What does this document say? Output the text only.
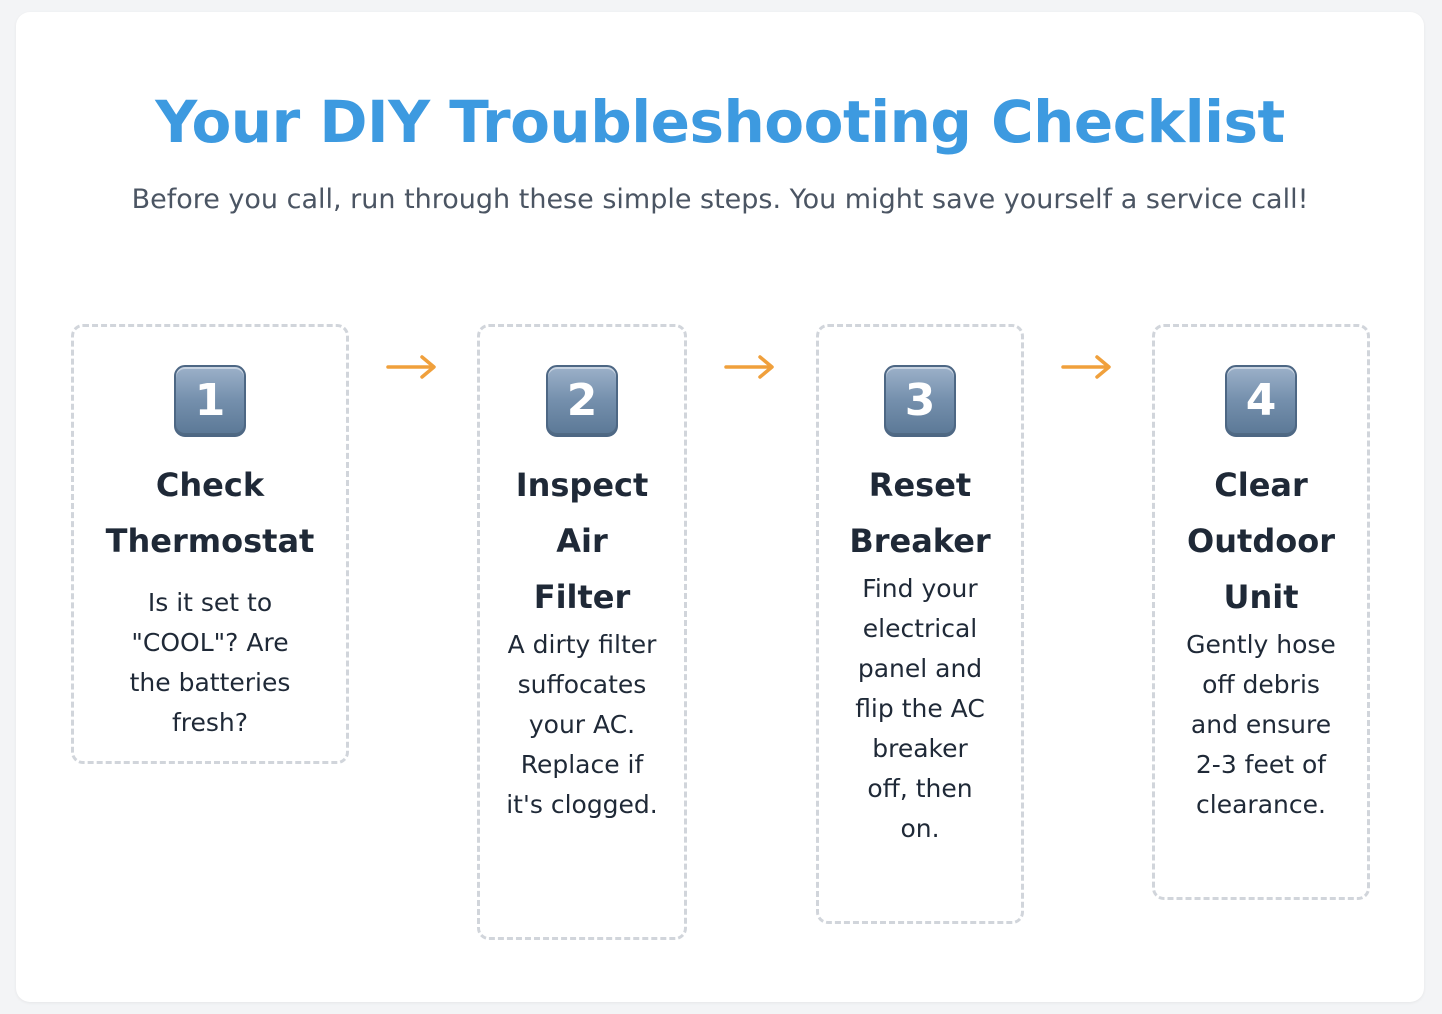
Your DIY Troubleshooting Checklist

Before you call, run through these simple steps. You might save yourself a service call!

1
Check Thermostat

Is it set to "COOL"? Are the batteries fresh?

2
Inspect Air Filter

A dirty filter suffocates your AC. Replace if it's clogged.

3
Reset Breaker

Find your electrical panel and flip the AC breaker off, then on.

4
Clear Outdoor Unit

Gently hose off debris and ensure 2-3 feet of clearance.
